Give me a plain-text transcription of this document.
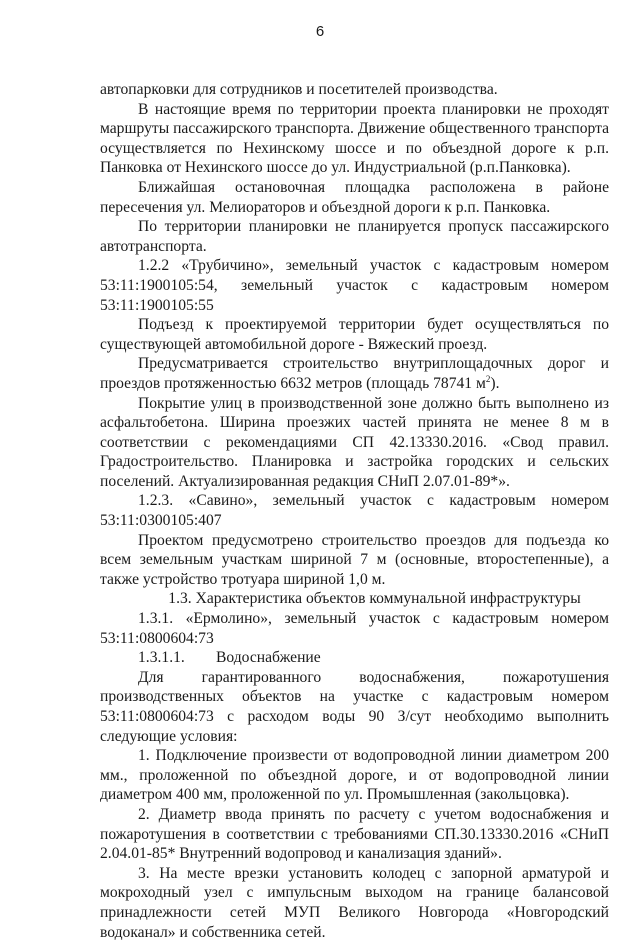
6

автопарковки для сотрудников и посетителей производства.

В настоящие время по территории проекта планировки не проходят маршруты пассажирского транспорта. Движение общественного транспорта осуществляется по Нехинскому шоссе и по объездной дороге к р.п. Панковка от Нехинского шоссе до ул. Индустриальной (р.п.Панковка).

Ближайшая остановочная площадка расположена в районе пересечения ул. Мелиораторов и объездной дороги к р.п. Панковка.

По территории планировки не планируется пропуск пассажирского автотранспорта.

1.2.2 «Трубичино», земельный участок с кадастровым номером 53:11:1900105:54, земельный участок с кадастровым номером 53:11:1900105:55

Подъезд к проектируемой территории будет осуществляться по существующей автомобильной дороге - Вяжеский проезд.

Предусматривается строительство внутриплощадочных дорог и проездов протяженностью 6632 метров (площадь 78741 $м^2$).

Покрытие улиц в производственной зоне должно быть выполнено из асфальтобетона. Ширина проезжих частей принята не менее 8 м в соответствии с рекомендациями СП 42.13330.2016. «Свод правил. Градостроительство. Планировка и застройка городских и сельских поселений. Актуализированная редакция СНиП 2.07.01-89*».

1.2.3. «Савино», земельный участок с кадастровым номером 53:11:0300105:407

Проектом предусмотрено строительство проездов для подъезда ко всем земельным участкам шириной 7 м (основные, второстепенные), а также устройство тротуара шириной 1,0 м.

1.3. Характеристика объектов коммунальной инфраструктуры

1.3.1. «Ермолино», земельный участок с кадастровым номером 53:11:0800604:73

1.3.1.1. Водоснабжение

Для гарантированного водоснабжения, пожаротушения производственных объектов на участке с кадастровым номером 53:11:0800604:73 с расходом воды 90 З/сут необходимо выполнить следующие условия:

1. Подключение произвести от водопроводной линии диаметром 200 мм., проложенной по объездной дороге, и от водопроводной линии диаметром 400 мм, проложенной по ул. Промышленная (закольцовка).

2. Диаметр ввода принять по расчету с учетом водоснабжения и пожаротушения в соответствии с требованиями СП.30.13330.2016 «СНиП 2.04.01-85* Внутренний водопровод и канализация зданий».

3. На месте врезки установить колодец с запорной арматурой и мокроходный узел с импульсным выходом на границе балансовой принадлежности сетей МУП Великого Новгорода «Новгородский водоканал» и собственника сетей.
